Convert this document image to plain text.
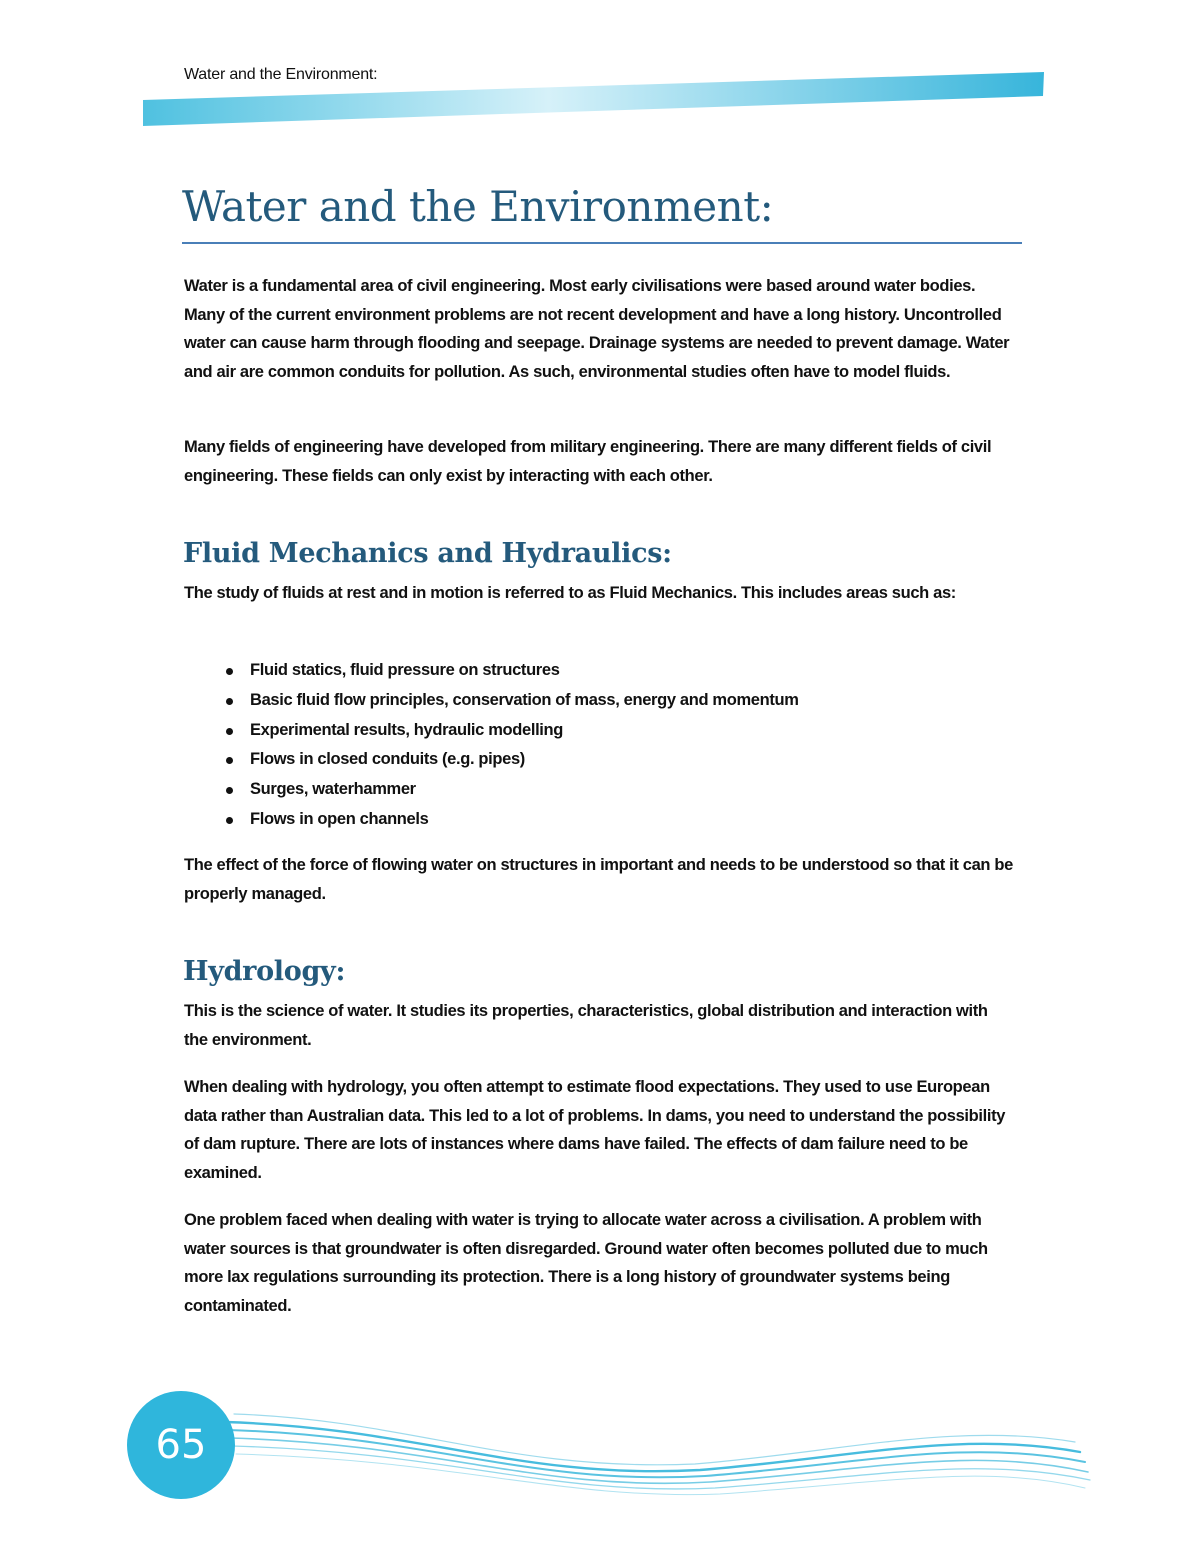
Water and the Environment:
Water and the Environment:

Water is a fundamental area of civil engineering. Most early civilisations were based around water bodies. Many of the current environment problems are not recent development and have a long history. Uncontrolled water can cause harm through flooding and seepage. Drainage systems are needed to prevent damage. Water and air are common conduits for pollution. As such, environmental studies often have to model fluids.

Many fields of engineering have developed from military engineering. There are many different fields of civil engineering. These fields can only exist by interacting with each other.

Fluid Mechanics and Hydraulics:

The study of fluids at rest and in motion is referred to as Fluid Mechanics. This includes areas such as:

Fluid statics, fluid pressure on structures
Basic fluid flow principles, conservation of mass, energy and momentum
Experimental results, hydraulic modelling
Flows in closed conduits (e.g. pipes)
Surges, waterhammer
Flows in open channels

The effect of the force of flowing water on structures in important and needs to be understood so that it can be properly managed.

Hydrology:

This is the science of water. It studies its properties, characteristics, global distribution and interaction with the environment.

When dealing with hydrology, you often attempt to estimate flood expectations. They used to use European data rather than Australian data. This led to a lot of problems. In dams, you need to understand the possibility of dam rupture. There are lots of instances where dams have failed. The effects of dam failure need to be examined.

One problem faced when dealing with water is trying to allocate water across a civilisation. A problem with water sources is that groundwater is often disregarded. Ground water often becomes polluted due to much more lax regulations surrounding its protection. There is a long history of groundwater systems being contaminated.

65
